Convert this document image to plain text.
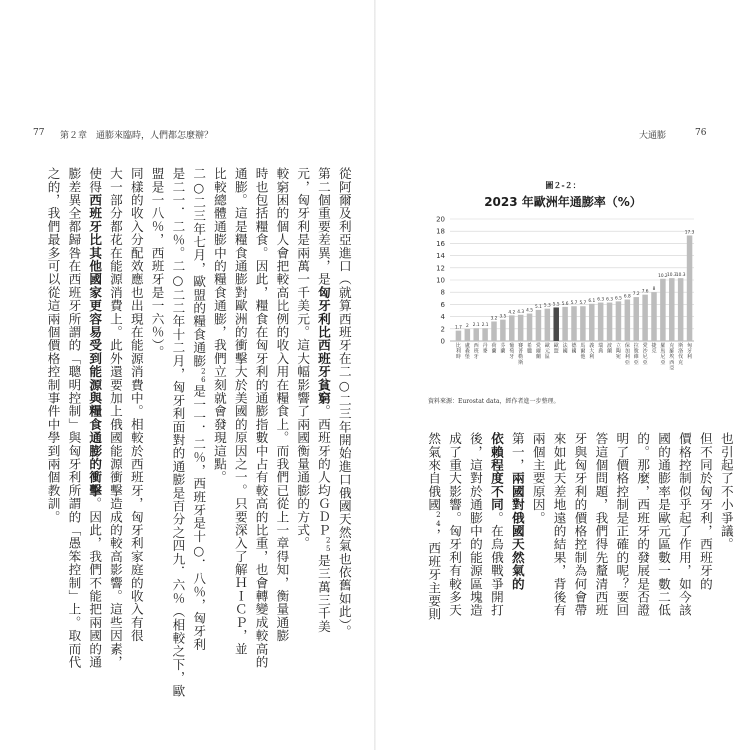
77 第２章　通膨來臨時，人們都怎麼辦？
從阿爾及利亞進口（就算西班牙在二○二三年開始進口俄國天然氣也依舊如此）。
第二個重要差異，是匈牙利比西班牙貧窮。西班牙的人均ＧＤＰ$^{25}$是三萬三千美
元，匈牙利是兩萬一千美元。這大幅影響了兩國衡量通膨的方式。
較窮困的個人會把較高比例的收入用在糧食上。而我們已從上一章得知，衡量通膨
時也包括糧食。因此，糧食在匈牙利的通膨指數中占有較高的比重，也會轉變成較高的
通膨。這是糧食通膨對歐洲的衝擊大於美國的原因之一。只要深入了解ＨＩＣＰ，並
比較總體通膨中的糧食通膨，我們立刻就會發現這點。
二○二三年七月，歐盟的糧食通膨$^{26}$是一一．二％，西班牙是十○．八％，匈牙利
是二一．二％。二○二二年十二月，匈牙利面對的通膨是百分之四九．六％（相較之下，歐
盟是一八％，西班牙是一六％）。
同樣的收入分配效應也出現在能源消費中。相較於西班牙，匈牙利家庭的收入有很
大一部分都花在能源消費上。此外還要加上俄國能源衝擊造成的較高影響。這些因素，
使得西班牙比其他國家更容易受到能源與糧食通膨的衝擊。因此，我們不能把兩國的通
膨差異全都歸咎在西班牙所謂的「聰明控制」與匈牙利所謂的「愚笨控制」上。取而代
之的，我們最多可以從這兩個價格控制事件中學到兩個教訓。
大通膨	76
圖２-２：
2023 年歐洲年通膨率（%）
0
2
4
6
8
10
12
14
16
18
20
1.7
比利時
2
盧森堡
2.1
西班牙
2.1
丹麥
3.2
荷蘭
3.5
芬蘭
4.2
葡萄牙
4.3
賽普勒斯
4.5
希臘
5.1
愛爾蘭
5.3
歐元區
5.5
歐盟
5.6
法國
5.7
德國
5.7
馬爾他
6.1
義大利
6.3
瑞典
6.3
波蘭
6.5
立陶宛
6.8
保加利亞
7.2
拉脫維亞
7.6
愛沙尼亞
8
捷克
10.2
羅馬尼亞
10.3
克羅埃西亞
10.3
斯洛伐克
17.3
匈牙利
資料來源：Eurostat data，經作者進一步整理。
也引起了不小爭議。
但不同於匈牙利，西班牙的
價格控制似乎起了作用，如今該
國的通膨率是歐元區數一數二低
的。那麼，西班牙的發展是否證
明了價格控制是正確的呢？要回
答這個問題，我們得先釐清西班
牙與匈牙利的價格控制為何會帶
來如此天差地遠的結果，背後有
兩個主要原因。
第一，兩國對俄國天然氣的
依賴程度不同。在烏俄戰爭開打
後，這對於通膨中的能源區塊造
成了重大影響。匈牙利有較多天
然氣來自俄國$^{24}$，西班牙主要則
